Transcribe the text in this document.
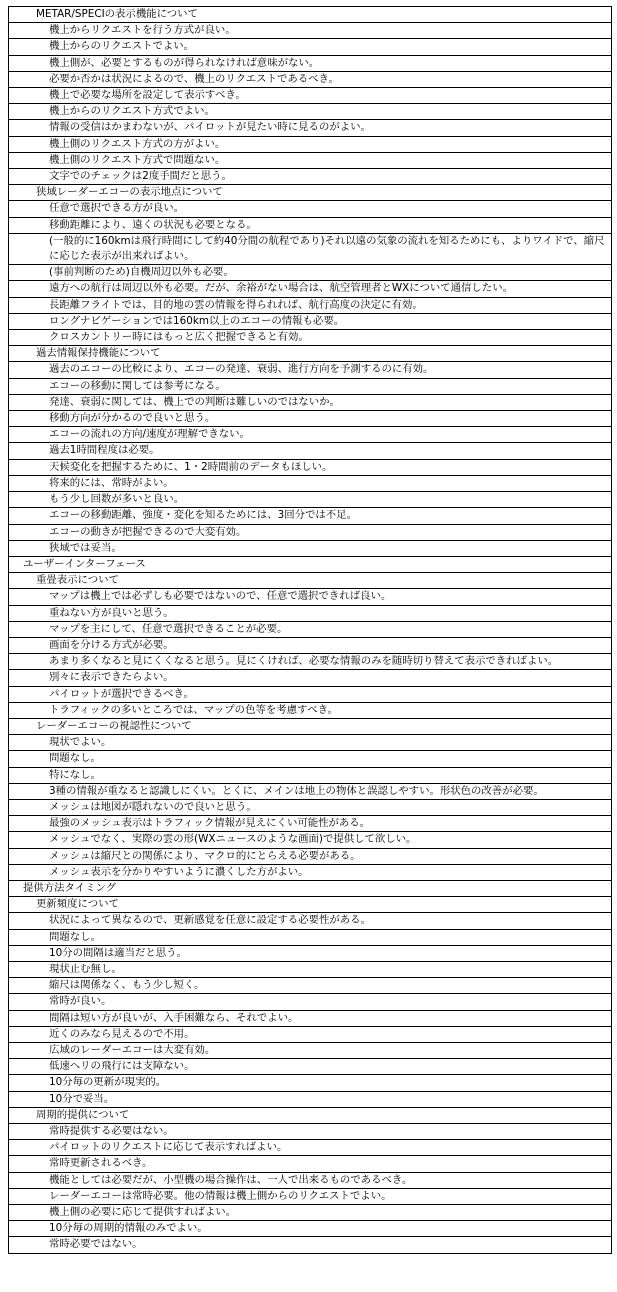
METAR/SPECIの表示機能について
機上からリクエストを行う方式が良い。
機上からのリクエストでよい。
機上側が、必要とするものが得られなければ意味がない。
必要か否かは状況によるので、機上のリクエストであるべき。
機上で必要な場所を設定して表示すべき。
機上からのリクエスト方式でよい。
情報の受信はかまわないが、パイロットが見たい時に見るのがよい。
機上側のリクエスト方式の方がよい。
機上側のリクエスト方式で問題ない。
文字でのチェックは2度手間だと思う。
狭域レーダーエコーの表示地点について
任意で選択できる方が良い。
移動距離により、遠くの状況も必要となる。
(一般的に160kmは飛行時間にして約40分間の航程であり)それ以遠の気象の流れを知るためにも、よりワイドで、縮尺に応じた表示が出来ればよい。
(事前判断のため)自機周辺以外も必要。
遠方への航行は周辺以外も必要。だが、余裕がない場合は、航空管理者とWXについて通信したい。
長距離フライトでは、目的地の雲の情報を得られれば、航行高度の決定に有効。
ロングナビゲーションでは160km以上のエコーの情報も必要。
クロスカントリー時にはもっと広く把握できると有効。
過去情報保持機能について
過去のエコーの比較により、エコーの発達、衰弱、進行方向を予測するのに有効。
エコーの移動に関しては参考になる。
発達、衰弱に関しては、機上での判断は難しいのではないか。
移動方向が分かるので良いと思う。
エコーの流れの方向/速度が理解できない。
過去1時間程度は必要。
天候変化を把握するために、1・2時間前のデータもほしい。
将来的には、常時がよい。
もう少し回数が多いと良い。
エコーの移動距離、強度・変化を知るためには、3回分では不足。
エコーの動きが把握できるので大変有効。
狭域では妥当。
ユーザーインターフェース
重畳表示について
マップは機上では必ずしも必要ではないので、任意で選択できれば良い。
重ねない方が良いと思う。
マップを主にして、任意で選択できることが必要。
画面を分ける方式が必要。
あまり多くなると見にくくなると思う。見にくければ、必要な情報のみを随時切り替えて表示できればよい。
別々に表示できたらよい。
パイロットが選択できるべき。
トラフィックの多いところでは、マップの色等を考慮すべき。
レーダーエコーの視認性について
現状でよい。
問題なし。
特になし。
3種の情報が重なると認識しにくい。とくに、メインは地上の物体と誤認しやすい。形状色の改善が必要。
メッシュは地図が隠れないので良いと思う。
最強のメッシュ表示はトラフィック情報が見えにくい可能性がある。
メッシュでなく、実際の雲の形(WXニュースのような画面)で提供して欲しい。
メッシュは縮尺との関係により、マクロ的にとらえる必要がある。
メッシュ表示を分かりやすいように濃くした方がよい。
提供方法タイミング
更新頻度について
状況によって異なるので、更新感覚を任意に設定する必要性がある。
問題なし。
10分の間隔は適当だと思う。
現状止む無し。
縮尺は関係なく、もう少し短く。
常時が良い。
間隔は短い方が良いが、入手困難なら、それでよい。
近くのみなら見えるので不用。
広域のレーダーエコーは大変有効。
低速ヘリの飛行には支障ない。
10分毎の更新が現実的。
10分で妥当。
周期的提供について
常時提供する必要はない。
パイロットのリクエストに応じて表示すればよい。
常時更新されるべき。
機能としては必要だが、小型機の場合操作は、一人で出来るものであるべき。
レーダーエコーは常時必要。他の情報は機上側からのリクエストでよい。
機上側の必要に応じて提供すればよい。
10分毎の周期的情報のみでよい。
常時必要ではない。
